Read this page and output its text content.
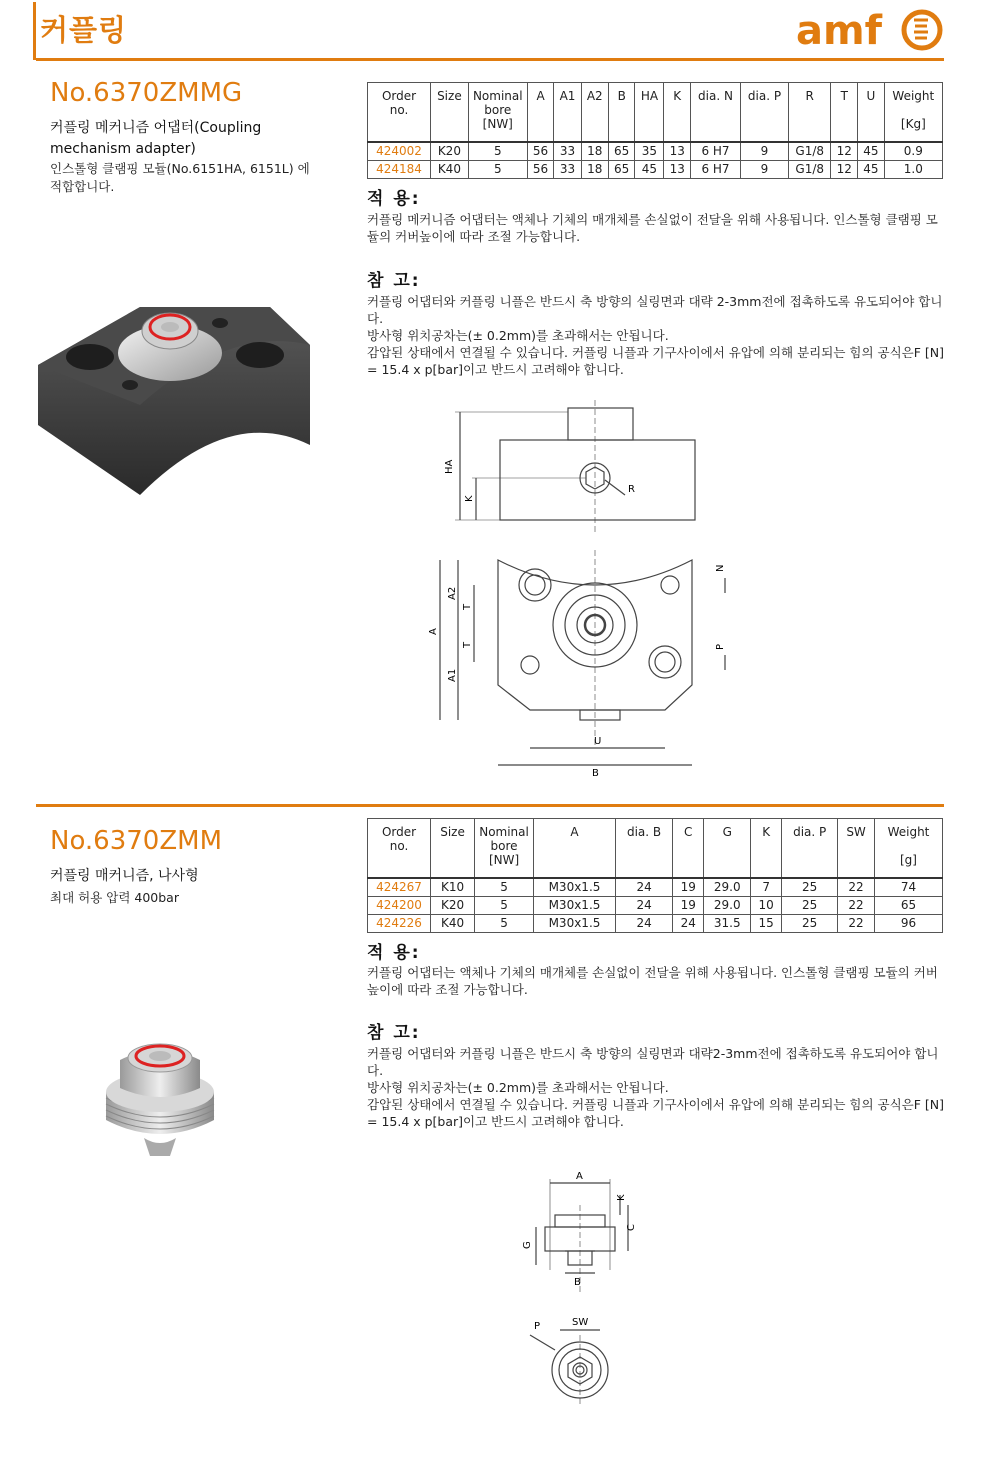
커플링	amf
No.6370ZMMG
커플링 메커니즘 어댑터(Coupling mechanism adapter)
인스톨형 클램핑 모듈(No.6151HA, 6151L) 에 적합합니다.
Order
no.	Size	Nominal
bore
[NW]	A	A1	A2	B	HA	K	dia. N	dia. P	R	T	U	Weight

[Kg]
424002	K20	5	56	33	18	65	35	13	6 H7	9	G1/8	12	45	0.9
424184	K40	5	56	33	18	65	45	13	6 H7	9	G1/8	12	45	1.0
적 용:
커플링 메커니즘 어댑터는 액체나 기체의 매개체를 손실없이 전달을 위해 사용됩니다. 인스톨형 클램핑 모듈의 커버높이에 따라 조절 가능합니다.
참 고:
커플링 어댑터와 커플링 니플은 반드시 축 방향의 실링면과 대략 2-3mm전에 접촉하도록 유도되어야 합니다.
방사형 위치공차는(± 0.2mm)를 초과해서는 안됩니다.
감압된 상태에서 연결될 수 있습니다. 커플링 니플과 기구사이에서 유압에 의해 분리되는 힘의 공식은F [N] = 15.4 x p[bar]이고 반드시 고려해야 합니다.
HA
K
R
A
A2
T
T
A1
N
P
U
B
No.6370ZMM
커플링 매커니즘, 나사형
최대 허용 압력 400bar
Order
no.	Size	Nominal
bore
[NW]	A	dia. B	C	G	K	dia. P	SW	Weight

[g]
424267	K10	5	M30x1.5	24	19	29.0	7	25	22	74
424200	K20	5	M30x1.5	24	19	29.0	10	25	22	65
424226	K40	5	M30x1.5	24	24	31.5	15	25	22	96
적 용:
커플링 어댑터는 액체나 기체의 매개체를 손실없이 전달을 위해 사용됩니다. 인스톨형 클램핑 모듈의 커버높이에 따라 조절 가능합니다.
참 고:
커플링 어댑터와 커플링 니플은 반드시 축 방향의 실링면과 대략2-3mm전에 접촉하도록 유도되어야 합니다.
방사형 위치공차는(± 0.2mm)를 초과해서는 안됩니다.
감압된 상태에서 연결될 수 있습니다. 커플링 니플과 기구사이에서 유압에 의해 분리되는 힘의 공식은F [N] = 15.4 x p[bar]이고 반드시 고려해야 합니다.
A
K
C
G
B
P	SW
